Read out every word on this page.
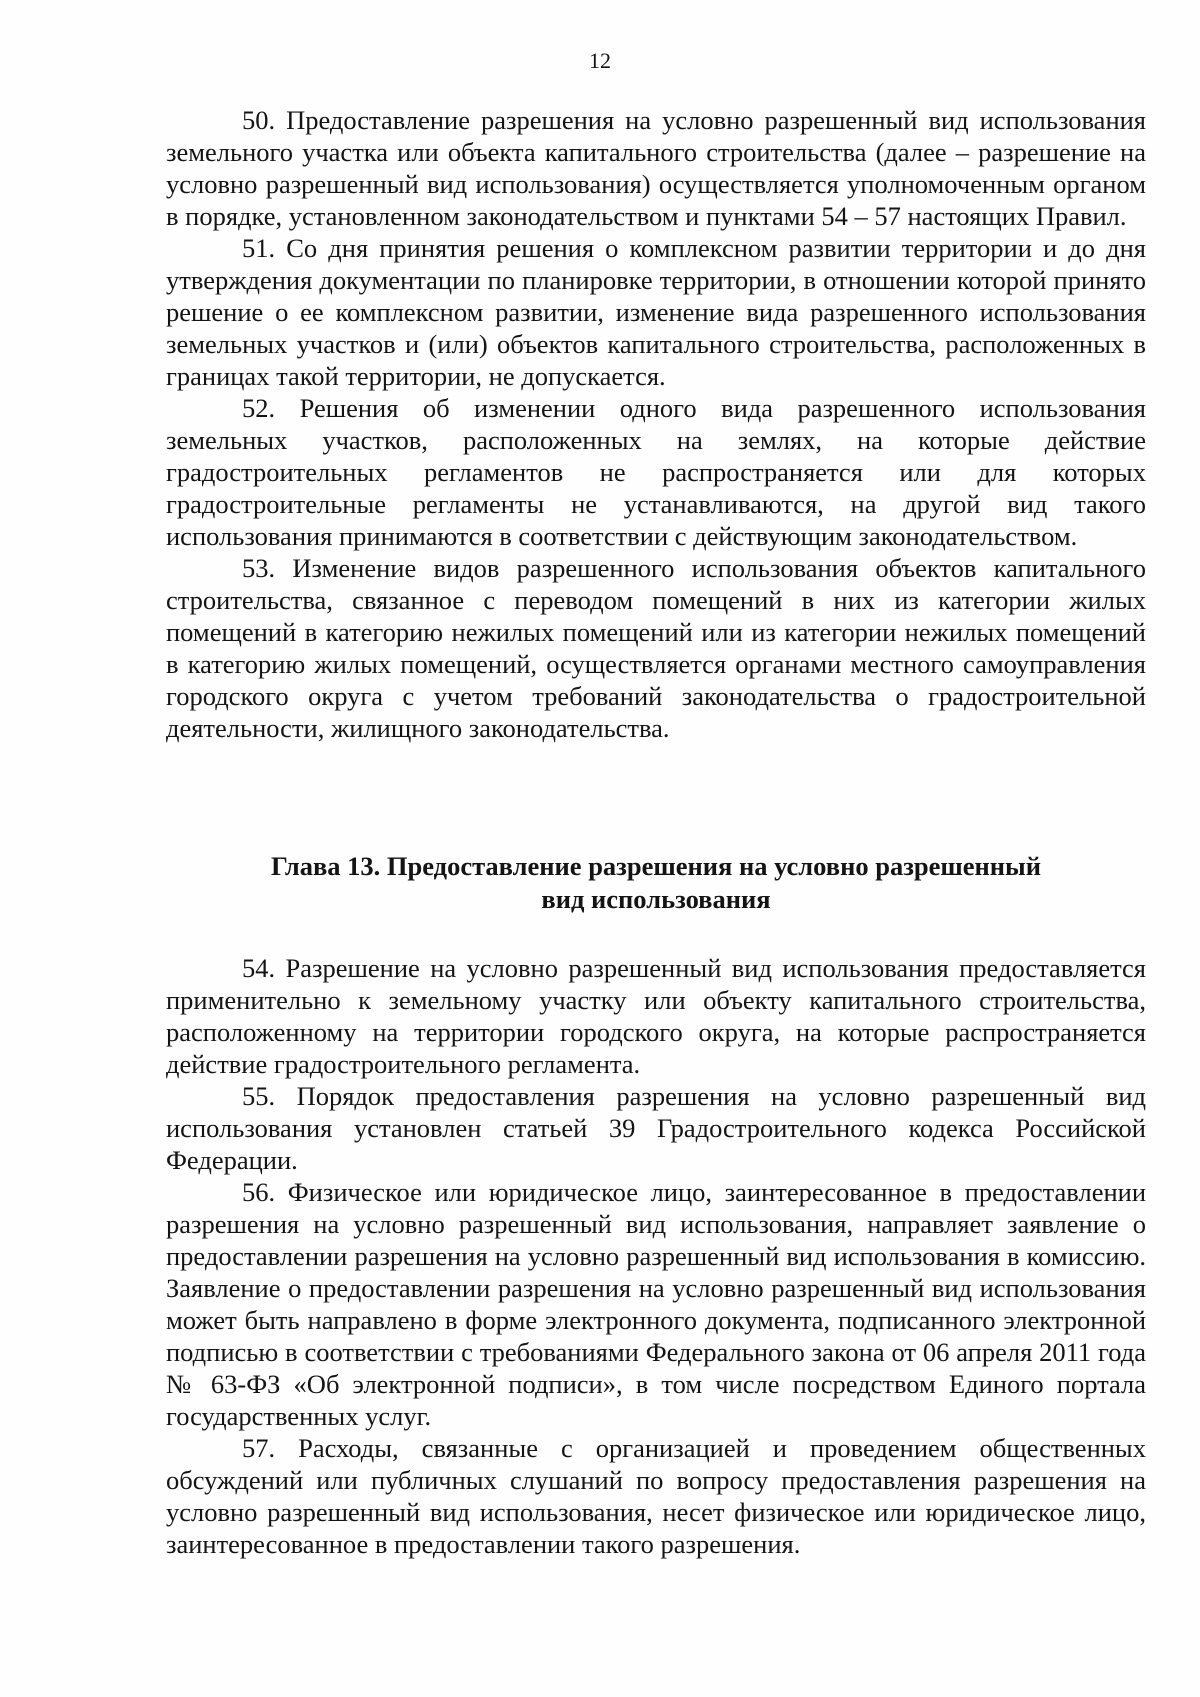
12

50. Предоставление разрешения на условно разрешенный вид использования земельного участка или объекта капитального строительства (далее – разрешение на условно разрешенный вид использования) осуществляется уполномоченным органом в порядке, установленном законодательством и пунктами 54 – 57 настоящих Правил.

51. Со дня принятия решения о комплексном развитии территории и до дня утверждения документации по планировке территории, в отношении которой принято решение о ее комплексном развитии, изменение вида разрешенного использования земельных участков и (или) объектов капитального строительства, расположенных в границах такой территории, не допускается.

52. Решения об изменении одного вида разрешенного использования земельных участков, расположенных на землях, на которые действие градостроительных регламентов не распространяется или для которых градостроительные регламенты не устанавливаются, на другой вид такого использования принимаются в соответствии с действующим законодательством.

53. Изменение видов разрешенного использования объектов капитального строительства, связанное с переводом помещений в них из категории жилых помещений в категорию нежилых помещений или из категории нежилых помещений в категорию жилых помещений, осуществляется органами местного самоуправления городского округа с учетом требований законодательства о градостроительной деятельности, жилищного законодательства.

Глава 13. Предоставление разрешения на условно разрешенный
вид использования

54. Разрешение на условно разрешенный вид использования предоставляется применительно к земельному участку или объекту капитального строительства, расположенному на территории городского округа, на которые распространяется действие градостроительного регламента.

55. Порядок предоставления разрешения на условно разрешенный вид использования установлен статьей 39 Градостроительного кодекса Российской Федерации.

56. Физическое или юридическое лицо, заинтересованное в предоставлении разрешения на условно разрешенный вид использования, направляет заявление о предоставлении разрешения на условно разрешенный вид использования в комиссию. Заявление о предоставлении разрешения на условно разрешенный вид использования может быть направлено в форме электронного документа, подписанного электронной подписью в соответствии с требованиями Федерального закона от 06 апреля 2011 года № 63-ФЗ «Об электронной подписи», в том числе посредством Единого портала государственных услуг.

57. Расходы, связанные с организацией и проведением общественных обсуждений или публичных слушаний по вопросу предоставления разрешения на условно разрешенный вид использования, несет физическое или юридическое лицо, заинтересованное в предоставлении такого разрешения.
